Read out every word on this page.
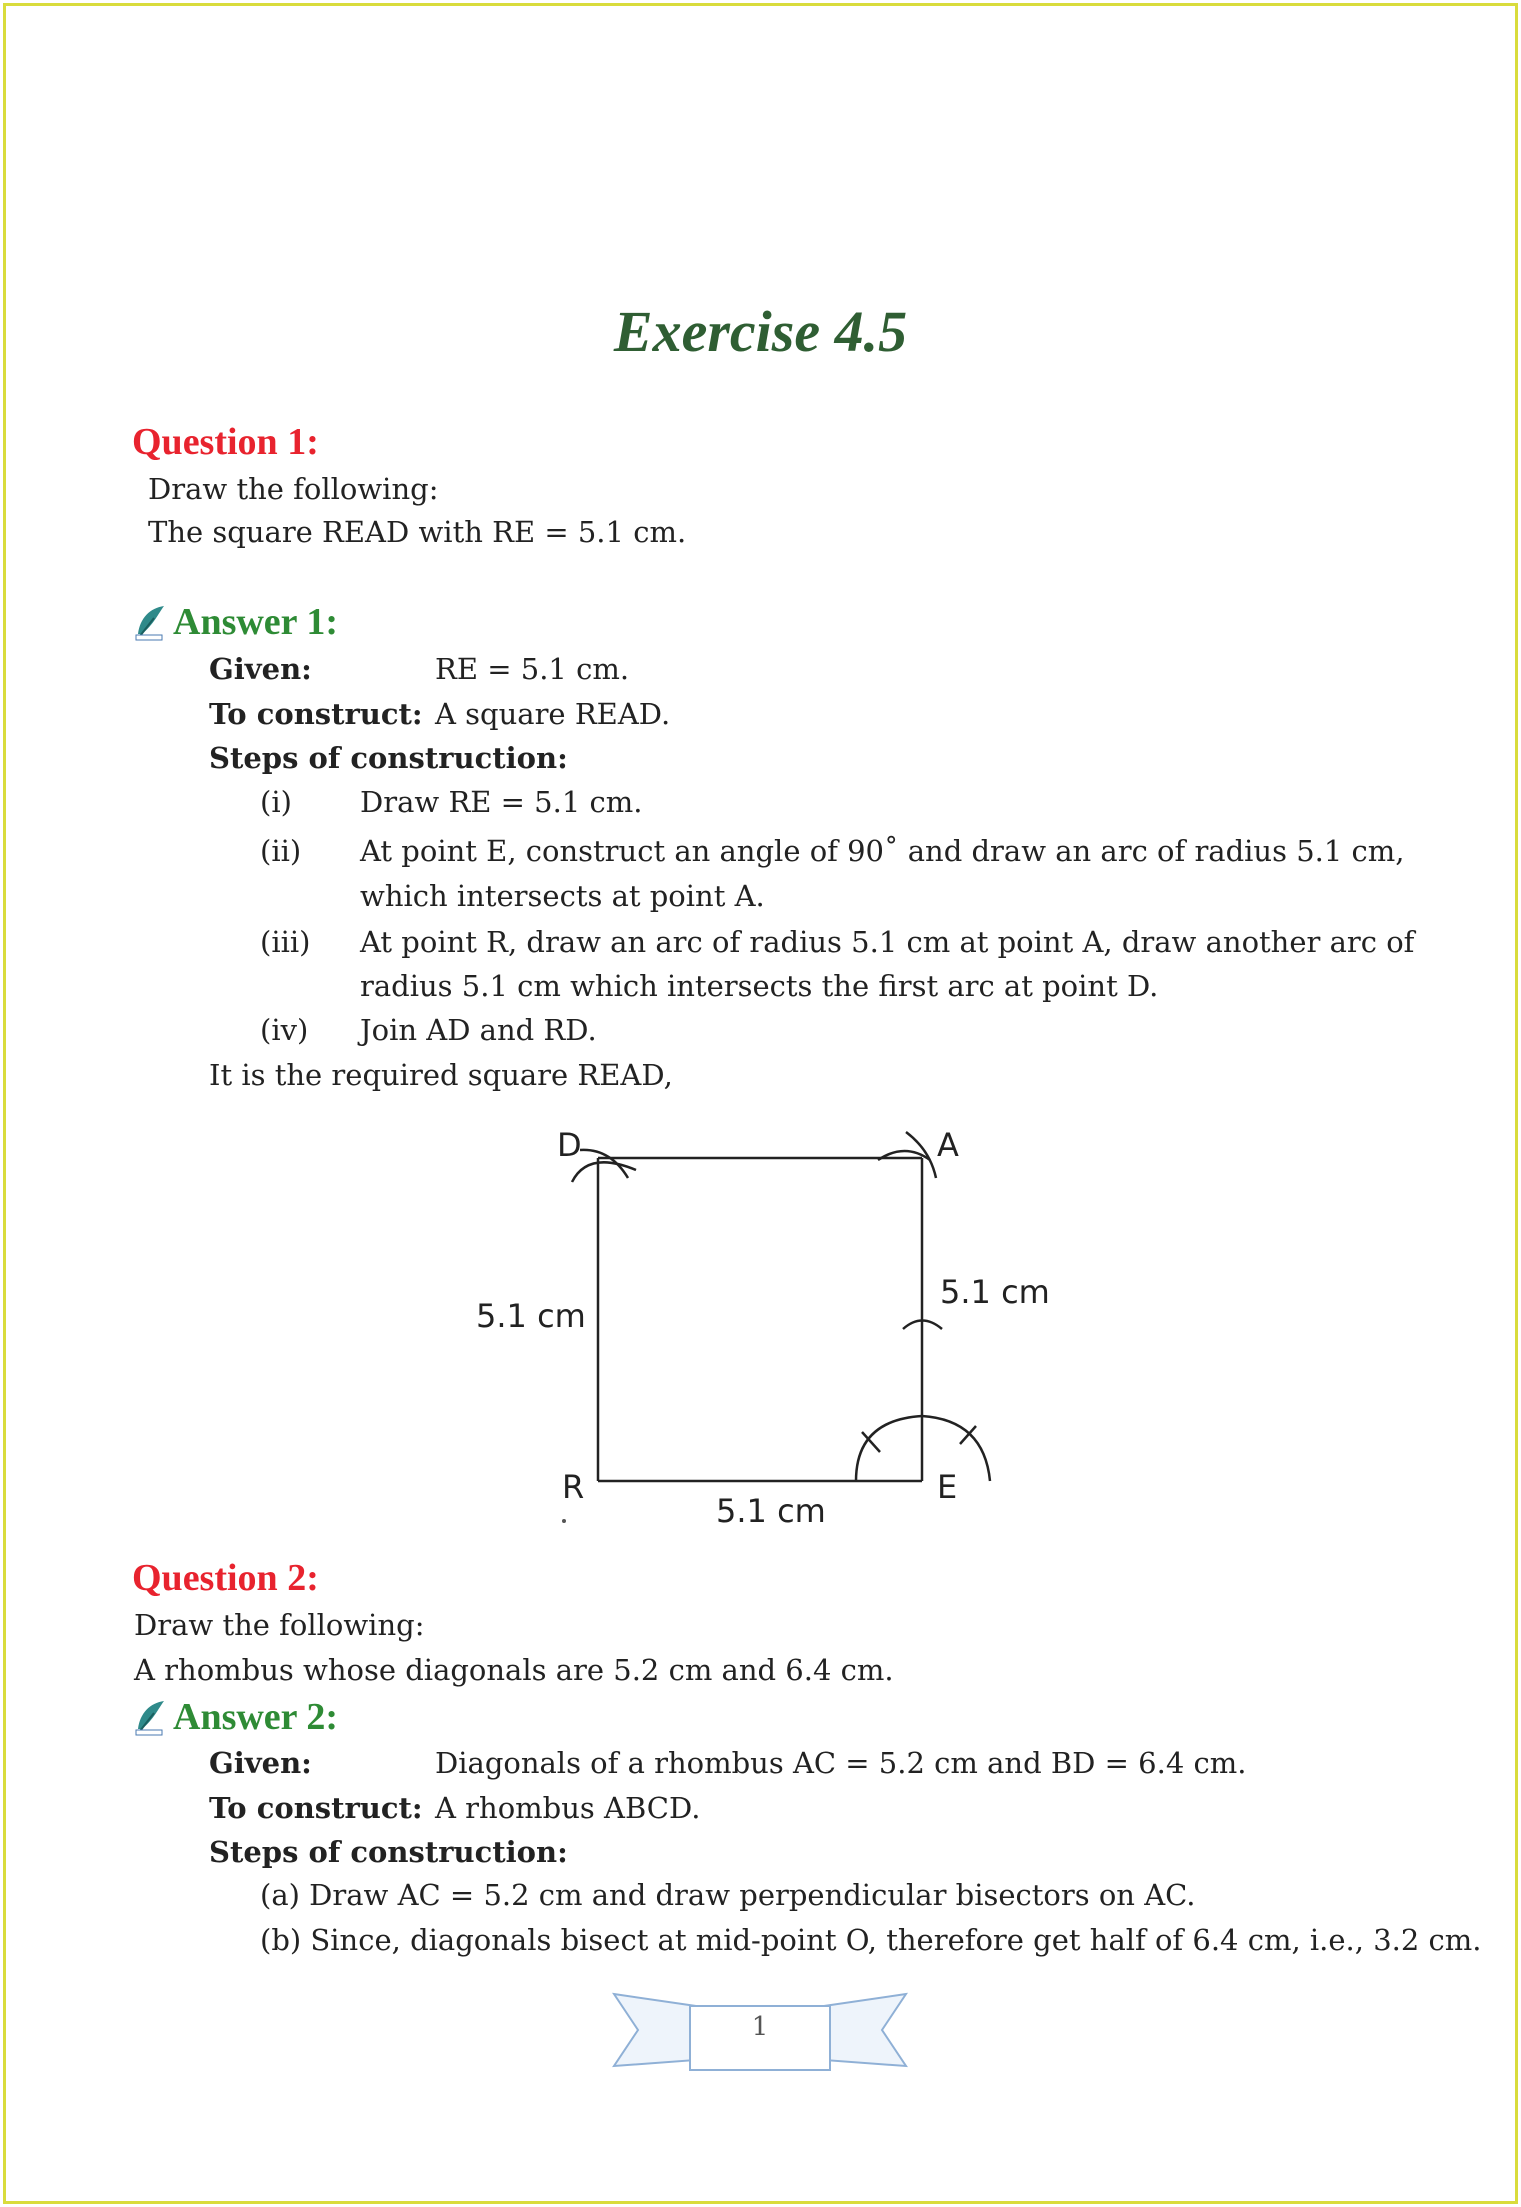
Exercise 4.5
Question 1:
Draw the following:
The square READ with RE = 5.1 cm.
Answer 1:
Given:	RE = 5.1 cm.
To construct: A square READ.
Steps of construction:
(i) Draw RE = 5.1 cm.
(ii) At point E, construct an angle of 90˚ and draw an arc of radius 5.1 cm,
which intersects at point A.
(iii) At point R, draw an arc of radius 5.1 cm at point A, draw another arc of
radius 5.1 cm which intersects the first arc at point D.
(iv) Join AD and RD.
It is the required square READ,
D	A
R	E
5.1 cm
5.1 cm
5.1 cm
Question 2:
Draw the following:
A rhombus whose diagonals are 5.2 cm and 6.4 cm.
Answer 2:
Given:	Diagonals of a rhombus AC = 5.2 cm and BD = 6.4 cm.
To construct: A rhombus ABCD.
Steps of construction:
(a) Draw AC = 5.2 cm and draw perpendicular bisectors on AC.
(b) Since, diagonals bisect at mid-point O, therefore get half of 6.4 cm, i.e., 3.2 cm.
1
